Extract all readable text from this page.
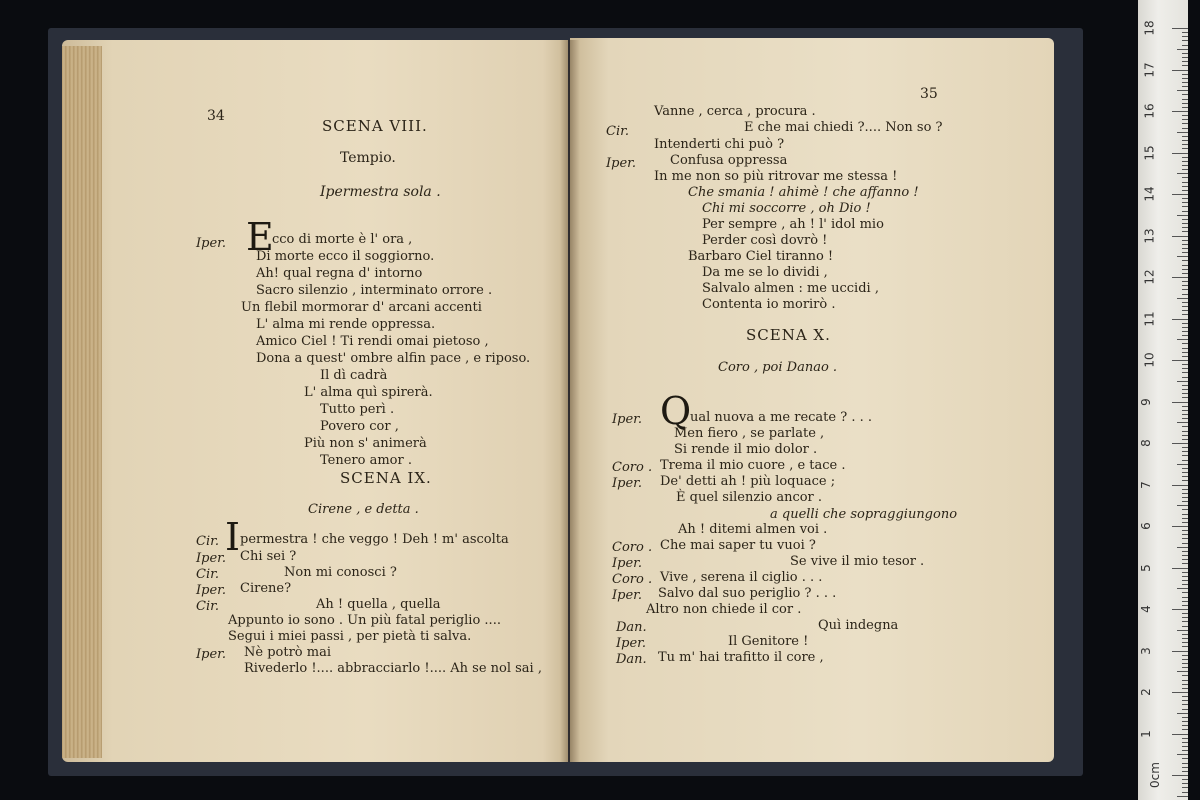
34
SCENA VIII.
Tempio.
Ipermestra sola .
Iper. E
cco di morte è l' ora ,
Di morte ecco il soggiorno.
Ah! qual regna d' intorno
Sacro silenzio , interminato orrore .
Un flebil mormorar d' arcani accenti
L' alma mi rende oppressa.
Amico Ciel ! Ti rendi omai pietoso ,
Dona a quest' ombre alfin pace , e riposo.
Il dì cadrà
L' alma quì spirerà.
Tutto perì .
Povero cor ,
Più non s' animerà
Tenero amor .
SCENA IX.
Cirene , e detta .
Cir. I permestra ! che veggo ! Deh ! m' ascolta
Iper. Chi sei ?
Cir.	Non mi conosci ?
Iper. Cirene?
Cir.	Ah ! quella , quella
Appunto io sono . Un più fatal periglio ....
Segui i miei passi , per pietà ti salva.
Iper. Nè potrò mai
Rivederlo !.... abbracciarlo !.... Ah se nol sai ,
35
Vanne , cerca , procura .
Cir.	E che mai chiedi ?.... Non so ?
Intenderti chi può ?
Iper.	Confusa oppressa
In me non so più ritrovar me stessa !
Che smania ! ahimè ! che affanno !
Chi mi soccorre , oh Dio !
Per sempre , ah ! l' idol mio
Perder così dovrò !
Barbaro Ciel tiranno !
Da me se lo dividi ,
Salvalo almen : me uccidi ,
Contenta io morirò .
SCENA X.
Coro , poi Danao .
Iper. Q
ual nuova a me recate ? . . .
Men fiero , se parlate ,
Si rende il mio dolor .
Coro . Trema il mio cuore , e tace .
Iper. De' detti ah ! più loquace ;
È quel silenzio ancor .
a quelli che sopraggiungono
Ah ! ditemi almen voi .
Coro . Che mai saper tu vuoi ?
Iper.	Se vive il mio tesor .
Coro . Vive , serena il ciglio . . .
Iper. Salvo dal suo periglio ? . . .
Altro non chiede il cor .
Dan.	Quì indegna
Iper.	Il Genitore !
Dan. Tu m' hai trafitto il core ,
18
17
16
15
14
13
12
11
10
9
8
7
6
5
4
3
2
1
0cm
